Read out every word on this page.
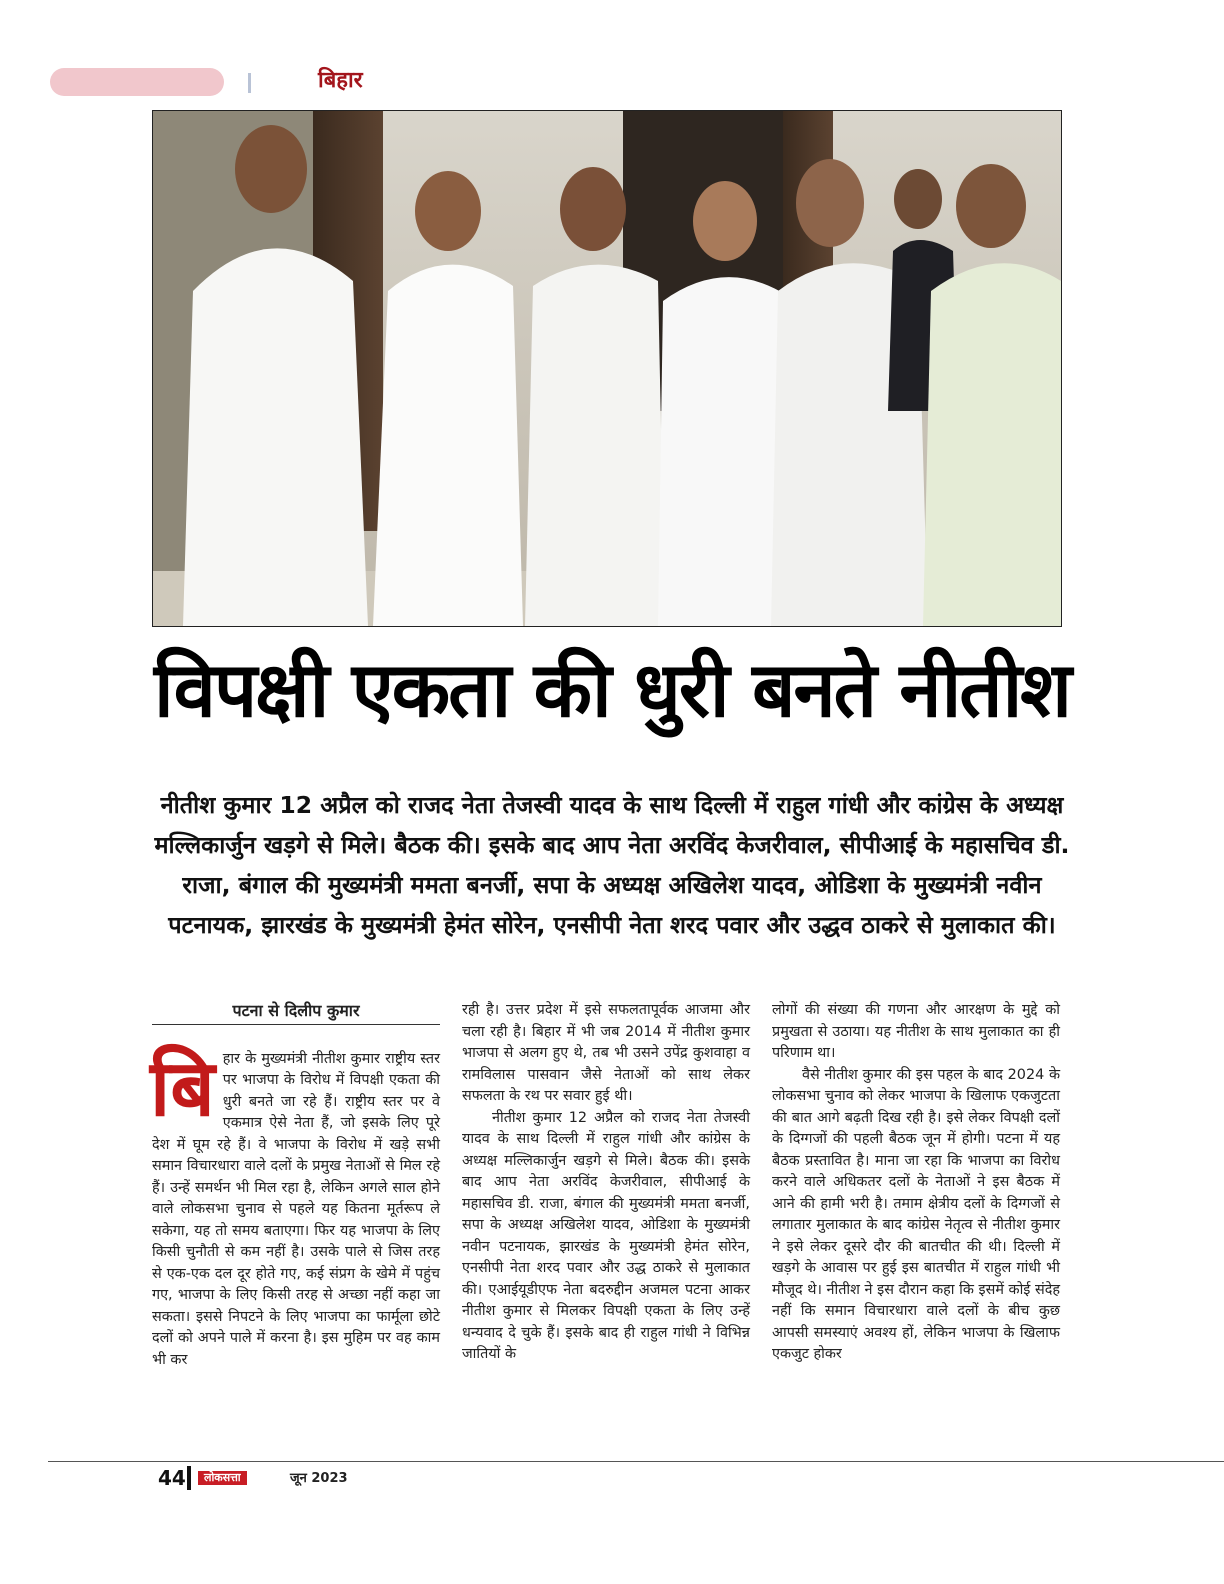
बिहार
विपक्षी एकता की धुरी बनते नीतीश
नीतीश कुमार 12 अप्रैल को राजद नेता तेजस्वी यादव के साथ दिल्ली में राहुल गांधी और कांग्रेस के अध्यक्ष मल्लिकार्जुन खड़गे से मिले। बैठक की। इसके बाद आप नेता अरविंद केजरीवाल, सीपीआई के महासचिव डी. राजा, बंगाल की मुख्यमंत्री ममता बनर्जी, सपा के अध्यक्ष अखिलेश यादव, ओडिशा के मुख्यमंत्री नवीन पटनायक, झारखंड के मुख्यमंत्री हेमंत सोरेन, एनसीपी नेता शरद पवार और उद्धव ठाकरे से मुलाकात की।
पटना से दिलीप कुमार
बि हार के मुख्यमंत्री नीतीश कुमार राष्ट्रीय स्तर पर भाजपा के विरोध में विपक्षी एकता की धुरी बनते जा रहे हैं। राष्ट्रीय स्तर पर वे एकमात्र ऐसे नेता हैं, जो इसके लिए पूरे देश में घूम रहे हैं। वे भाजपा के विरोध में खड़े सभी समान विचारधारा वाले दलों के प्रमुख नेताओं से मिल रहे हैं। उन्हें समर्थन भी मिल रहा है, लेकिन अगले साल होने वाले लोकसभा चुनाव से पहले यह कितना मूर्तरूप ले सकेगा, यह तो समय बताएगा। फिर यह भाजपा के लिए किसी चुनौती से कम नहीं है। उसके पाले से जिस तरह से एक-एक दल दूर होते गए, कई संप्रग के खेमे में पहुंच गए, भाजपा के लिए किसी तरह से अच्छा नहीं कहा जा सकता। इससे निपटने के लिए भाजपा का फार्मूला छोटे दलों को अपने पाले में करना है। इस मुहिम पर वह काम भी कर

रही है। उत्तर प्रदेश में इसे सफलतापूर्वक आजमा और चला रही है। बिहार में भी जब 2014 में नीतीश कुमार भाजपा से अलग हुए थे, तब भी उसने उपेंद्र कुशवाहा व रामविलास पासवान जैसे नेताओं को साथ लेकर सफलता के रथ पर सवार हुई थी।

नीतीश कुमार 12 अप्रैल को राजद नेता तेजस्वी यादव के साथ दिल्ली में राहुल गांधी और कांग्रेस के अध्यक्ष मल्लिकार्जुन खड़गे से मिले। बैठक की। इसके बाद आप नेता अरविंद केजरीवाल, सीपीआई के महासचिव डी. राजा, बंगाल की मुख्यमंत्री ममता बनर्जी, सपा के अध्यक्ष अखिलेश यादव, ओडिशा के मुख्यमंत्री नवीन पटनायक, झारखंड के मुख्यमंत्री हेमंत सोरेन, एनसीपी नेता शरद पवार और उद्ध ठाकरे से मुलाकात की। एआईयूडीएफ नेता बदरुद्दीन अजमल पटना आकर नीतीश कुमार से मिलकर विपक्षी एकता के लिए उन्हें धन्यवाद दे चुके हैं। इसके बाद ही राहुल गांधी ने विभिन्न जातियों के

लोगों की संख्या की गणना और आरक्षण के मुद्दे को प्रमुखता से उठाया। यह नीतीश के साथ मुलाकात का ही परिणाम था।

वैसे नीतीश कुमार की इस पहल के बाद 2024 के लोकसभा चुनाव को लेकर भाजपा के खिलाफ एकजुटता की बात आगे बढ़ती दिख रही है। इसे लेकर विपक्षी दलों के दिग्गजों की पहली बैठक जून में होगी। पटना में यह बैठक प्रस्तावित है। माना जा रहा कि भाजपा का विरोध करने वाले अधिकतर दलों के नेताओं ने इस बैठक में आने की हामी भरी है। तमाम क्षेत्रीय दलों के दिग्गजों से लगातार मुलाकात के बाद कांग्रेस नेतृत्व से नीतीश कुमार ने इसे लेकर दूसरे दौर की बातचीत की थी। दिल्ली में खड़गे के आवास पर हुई इस बातचीत में राहुल गांधी भी मौजूद थे। नीतीश ने इस दौरान कहा कि इसमें कोई संदेह नहीं कि समान विचारधारा वाले दलों के बीच कुछ आपसी समस्याएं अवश्य हों, लेकिन भाजपा के खिलाफ एकजुट होकर

44	लोकसत्ता	जून 2023
